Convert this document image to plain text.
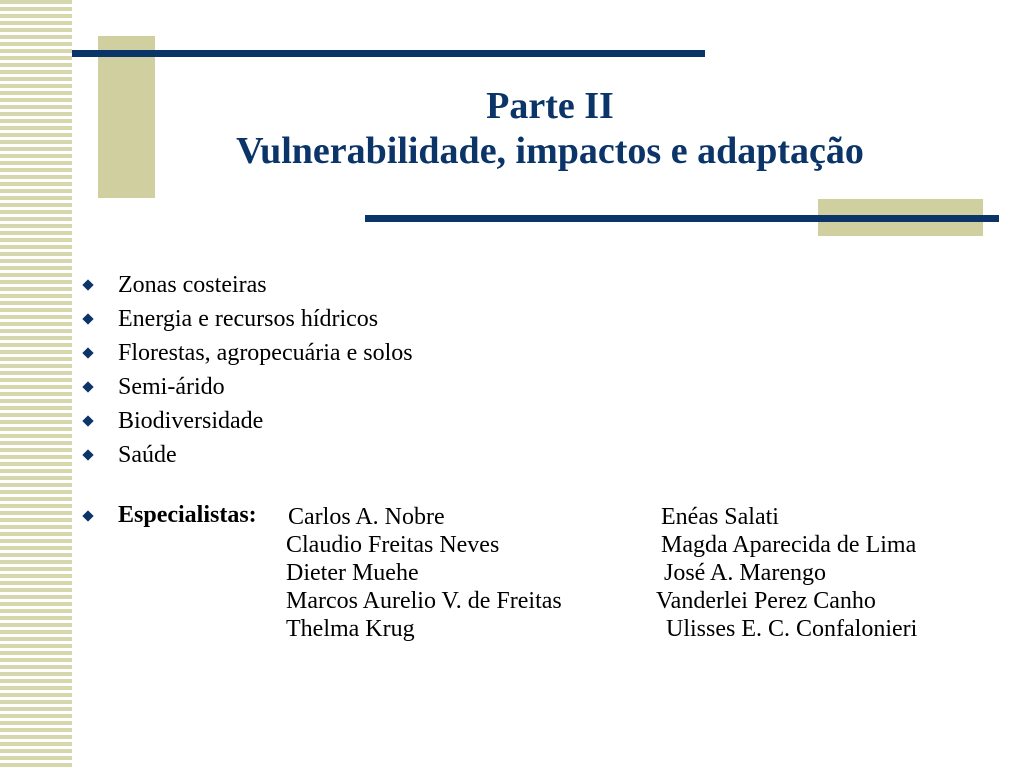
Parte II
Vulnerabilidade, impactos e adaptação
Zonas costeiras
Energia e recursos hídricos
Florestas, agropecuária e solos
Semi-árido
Biodiversidade
Saúde
Especialistas: Carlos A. Nobre
Claudio Freitas Neves
Dieter Muehe
Marcos Aurelio V. de Freitas
Thelma Krug
Enéas Salati
Magda Aparecida de Lima
José A. Marengo
Vanderlei Perez Canho
Ulisses E. C. Confalonieri
